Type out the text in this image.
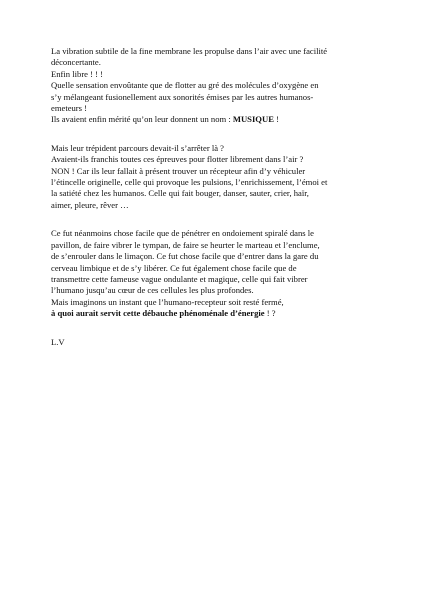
La vibration subtile de la fine membrane les propulse dans l’air avec une facilité
déconcertante.
Enfin libre ! ! !
Quelle sensation envoûtante que de flotter au gré des molécules d’oxygène en
s’y mélangeant fusionellement aux sonorités émises par les autres humanos-
emeteurs !
Ils avaient enfin mérité qu’on leur donnent un nom : MUSIQUE !

Mais leur trépident parcours devait-il s’arrêter là ?
Avaient-ils franchis toutes ces épreuves pour flotter librement dans l’air ?
NON ! Car ils leur fallait à présent trouver un récepteur afin d’y véhiculer
l’étincelle originelle, celle qui provoque les pulsions, l’enrichissement, l’émoi et
la satiété chez les humanos. Celle qui fait bouger, danser, sauter, crier, haïr,
aimer, pleure, rêver …

Ce fut néanmoins chose facile que de pénétrer en ondoiement spiralé dans le
pavillon, de faire vibrer le tympan, de faire se heurter le marteau et l’enclume,
de s’enrouler dans le limaçon. Ce fut chose facile que d’entrer dans la gare du
cerveau limbique et de s’y libérer. Ce fut également chose facile que de
transmettre cette fameuse vague ondulante et magique, celle qui fait vibrer
l’humano jusqu’au cœur de ces cellules les plus profondes.
Mais imaginons un instant que l’humano-recepteur soit resté fermé,
à quoi aurait servit cette débauche phénoménale d’énergie ! ?

L.V
